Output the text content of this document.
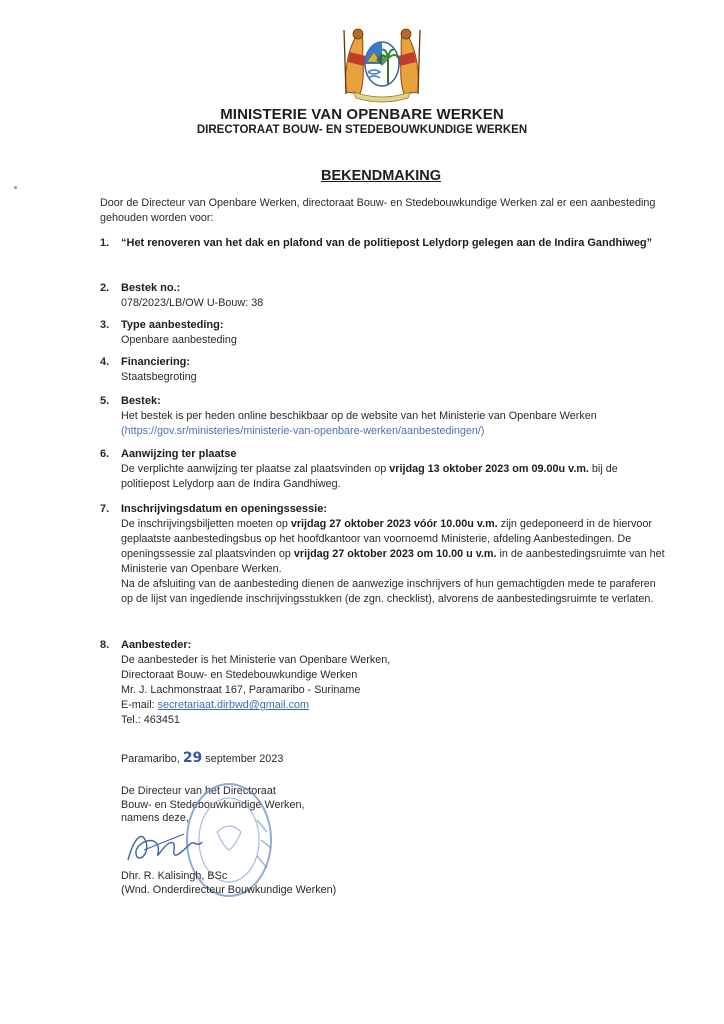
MINISTERIE VAN OPENBARE WERKEN
DIRECTORAAT BOUW- EN STEDEBOUWKUNDIGE WERKEN
BEKENDMAKING
Door de Directeur van Openbare Werken, directoraat Bouw- en Stedebouwkundige Werken zal er een aanbesteding gehouden worden voor:
1.	“Het renoveren van het dak en plafond van de politiepost Lelydorp gelegen aan de Indira Gandhiweg”
2.	Bestek no.:
078/2023/LB/OW U-Bouw: 38
3.	Type aanbesteding:
Openbare aanbesteding
4.	Financiering:
Staatsbegroting
5.	Bestek:
Het bestek is per heden online beschikbaar op de website van het Ministerie van Openbare Werken
(https://gov.sr/ministeries/ministerie-van-openbare-werken/aanbestedingen/)
6.	Aanwijzing ter plaatse
De verplichte aanwijzing ter plaatse zal plaatsvinden op vrijdag 13 oktober 2023 om 09.00u v.m. bij de politiepost Lelydorp aan de Indira Gandhiweg.
7.	Inschrijvingsdatum en openingssessie:
De inschrijvingsbiljetten moeten op vrijdag 27 oktober 2023 vóór 10.00u v.m. zijn gedeponeerd in de hiervoor geplaatste aanbestedingsbus op het hoofdkantoor van voornoemd Ministerie, afdeling Aanbestedingen. De openingssessie zal plaatsvinden op vrijdag 27 oktober 2023 om 10.00 u v.m. in de aanbestedingsruimte van het Ministerie van Openbare Werken.
Na de afsluiting van de aanbesteding dienen de aanwezige inschrijvers of hun gemachtigden mede te paraferen op de lijst van ingediende inschrijvingsstukken (de zgn. checklist), alvorens de aanbestedingsruimte te verlaten.
8.	Aanbesteder:
De aanbesteder is het Ministerie van Openbare Werken,
Directoraat Bouw- en Stedebouwkundige Werken
Mr. J. Lachmonstraat 167, Paramaribo - Suriname
E-mail: secretariaat.dirbwd@gmail.com
Tel.: 463451
Paramaribo, 29 september 2023
De Directeur van het Directoraat
Bouw- en Stedebouwkundige Werken,
namens deze,
Dhr. R. Kalisingh, BSc
(Wnd. Onderdirecteur Bouwkundige Werken)
